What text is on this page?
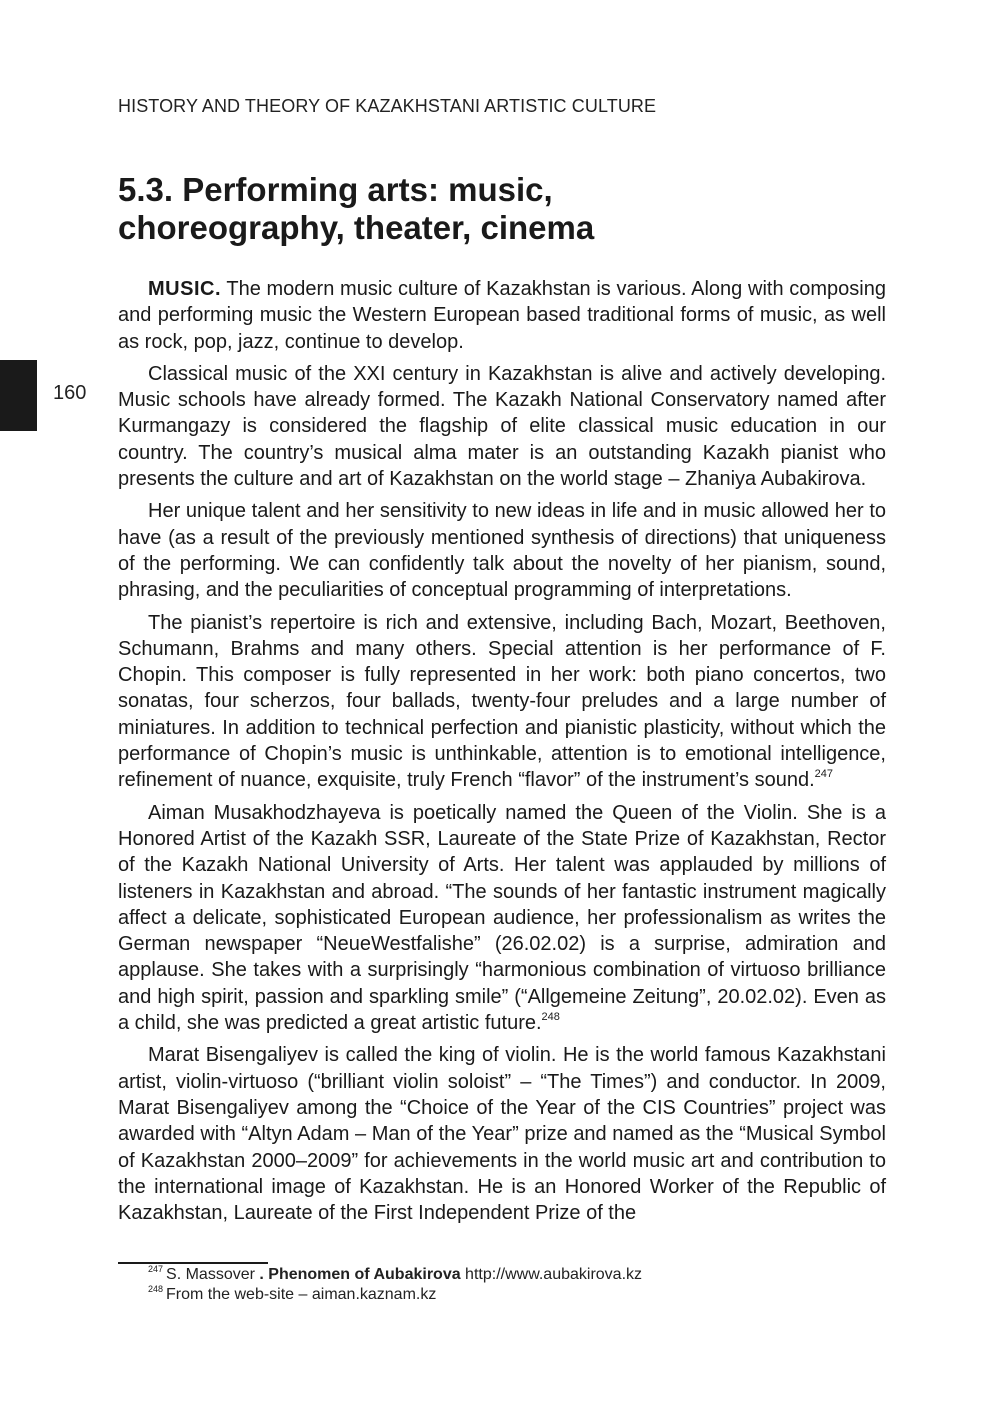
HISTORY AND THEORY OF KAZAKHSTANI ARTISTIC CULTURE
160
5.3. Performing arts: music,
choreography, theater, cinema

MUSIC. The modern music culture of Kazakhstan is various. Along with composing and performing music the Western European based traditional forms of music, as well as rock, pop, jazz, continue to develop.

Classical music of the XXI century in Kazakhstan is alive and actively developing. Music schools have already formed. The Kazakh National Conservatory named after Kurmangazy is considered the flagship of elite classical music education in our country. The country’s musical alma mater is an outstanding Kazakh pianist who presents the culture and art of Kazakhstan on the world stage – Zhaniya Aubakirova.

Her unique talent and her sensitivity to new ideas in life and in music allowed her to have (as a result of the previously mentioned synthesis of directions) that uniqueness of the performing. We can confidently talk about the novelty of her pianism, sound, phrasing, and the peculiarities of conceptual programming of interpretations.

The pianist’s repertoire is rich and extensive, including Bach, Mozart, Beethoven, Schumann, Brahms and many others. Special attention is her performance of F. Chopin. This composer is fully represented in her work: both piano concertos, two sonatas, four scherzos, four ballads, twenty-four preludes and a large number of miniatures. In addition to technical perfection and pianistic plasticity, without which the performance of Chopin’s music is unthinkable, attention is to emotional intelligence, refinement of nuance, exquisite, truly French “flavor” of the instrument’s sound.$^{247}$

Aiman Musakhodzhayeva is poetically named the Queen of the Violin. She is a Honored Artist of the Kazakh SSR, Laureate of the State Prize of Kazakhstan, Rector of the Kazakh National University of Arts. Her talent was applauded by millions of listeners in Kazakhstan and abroad. “The sounds of her fantastic instrument magically affect a delicate, sophisticated European audience, her professionalism as writes the German newspaper “NeueWestfalishe” (26.02.02) is a surprise, admiration and applause. She takes with a surprisingly “harmonious combination of virtuoso brilliance and high spirit, passion and sparkling smile” (“Allgemeine Zeitung”, 20.02.02). Even as a child, she was predicted a great artistic future.$^{248}$

Marat Bisengaliyev is called the king of violin. He is the world famous Kazakhstani artist, violin-virtuoso (“brilliant violin soloist” – “The Times”) and conductor. In 2009, Marat Bisengaliyev among the “Choice of the Year of the CIS Countries” project was awarded with “Altyn Adam – Man of the Year” prize and named as the “Musical Symbol of Kazakhstan 2000–2009” for achievements in the world music art and contribution to the international image of Kazakhstan. He is an Honored Worker of the Republic of Kazakhstan, Laureate of the First Independent Prize of the

$^{247}$ S. Massover . Phenomen of Aubakirova http://www.aubakirova.kz
$^{248}$ From the web-site – aiman.kaznam.kz
